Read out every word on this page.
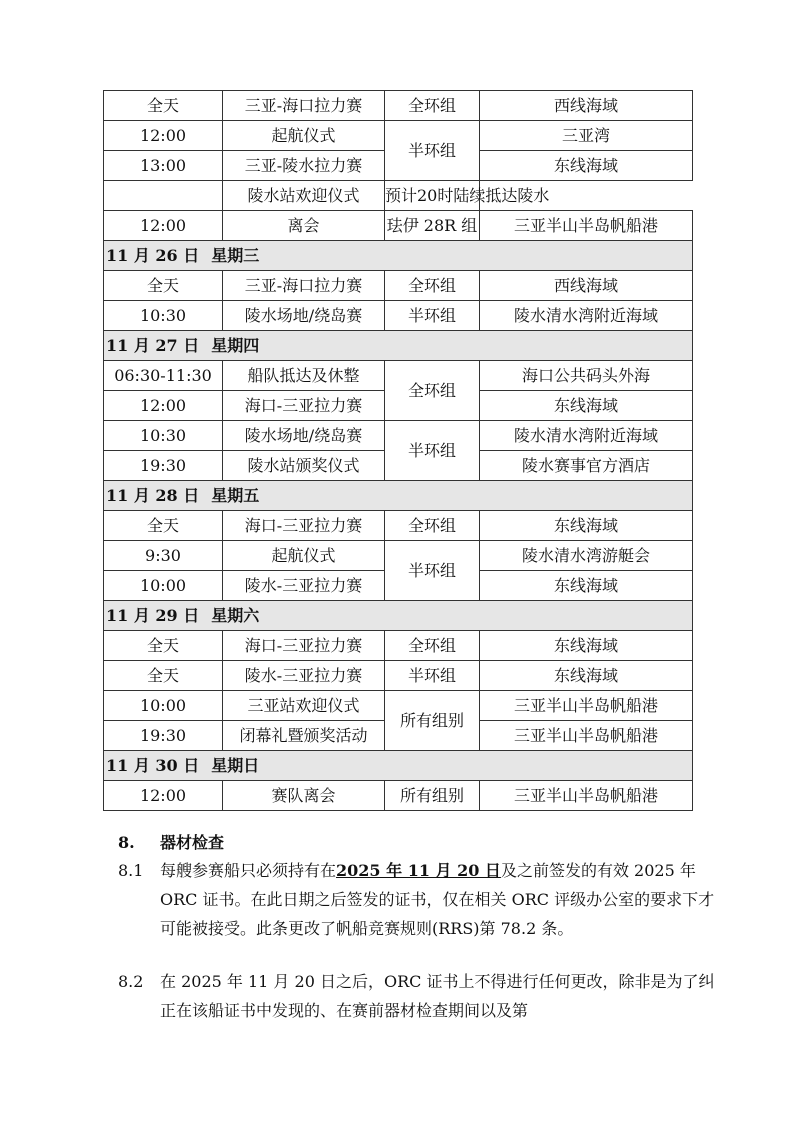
全天	三亚-海口拉力赛	全环组	西线海域
12:00	起航仪式	半环组	三亚湾
13:00	三亚-陵水拉力赛		东线海域
	陵水站欢迎仪式	预计20时陆续抵达陵水	
12:00	离会	珐伊 28R 组	三亚半山半岛帆船港
11 月 26 日 星期三			
全天	三亚-海口拉力赛	全环组	西线海域
10:30	陵水场地/绕岛赛	半环组	陵水清水湾附近海域
11 月 27 日 星期四			
06:30-11:30	船队抵达及休整	全环组	海口公共码头外海
12:00	海口-三亚拉力赛		东线海域
10:30	陵水场地/绕岛赛	半环组	陵水清水湾附近海域
19:30	陵水站颁奖仪式		陵水赛事官方酒店
11 月 28 日 星期五			
全天	海口-三亚拉力赛	全环组	东线海域
9:30	起航仪式	半环组	陵水清水湾游艇会
10:00	陵水-三亚拉力赛		东线海域
11 月 29 日 星期六			
全天	海口-三亚拉力赛	全环组	东线海域
全天	陵水-三亚拉力赛	半环组	东线海域
10:00	三亚站欢迎仪式	所有组别	三亚半山半岛帆船港
19:30	闭幕礼暨颁奖活动		三亚半山半岛帆船港
11 月 30 日 星期日			
12:00	赛队离会	所有组别	三亚半山半岛帆船港
8. 器材检查
8.1	每艘参赛船只必须持有在2025 年 11 月 20 日及之前签发的有效 2025 年 ORC 证书。在此日期之后签发的证书，仅在相关 ORC 评级办公室的要求下才可能被接受。此条更改了帆船竞赛规则(RRS)第 78.2 条。
8.2	在 2025 年 11 月 20 日之后，ORC 证书上不得进行任何更改，除非是为了纠正在该船证书中发现的、在赛前器材检查期间以及第
